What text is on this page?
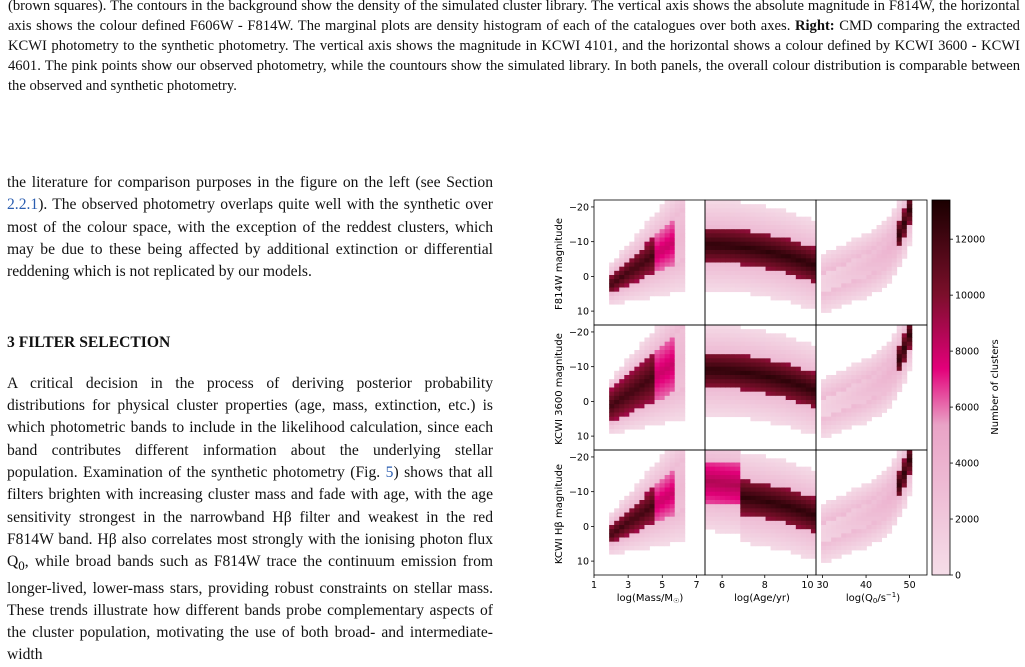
(brown squares). The contours in the background show the density of the simulated cluster library. The vertical axis shows the absolute magnitude in F814W, the horizontal axis shows the colour defined F606W - F814W. The marginal plots are density histogram of each of the catalogues over both axes. Right: CMD comparing the extracted KCWI photometry to the synthetic photometry. The vertical axis shows the magnitude in KCWI 4101, and the horizontal shows a colour defined by KCWI 3600 - KCWI 4601. The pink points show our observed photometry, while the countours show the simulated library. In both panels, the overall colour distribution is comparable between the observed and synthetic photometry.

the literature for comparison purposes in the figure on the left (see Section 2.2.1). The observed photometry overlaps quite well with the synthetic over most of the colour space, with the exception of the reddest clusters, which may be due to these being affected by additional extinction or differential reddening which is not replicated by our models.

3 FILTER SELECTION

A critical decision in the process of deriving posterior probability distributions for physical cluster properties (age, mass, extinction, etc.) is which photometric bands to include in the likelihood calculation, since each band contributes different information about the underlying stellar population. Examination of the synthetic photometry (Fig. 5) shows that all filters brighten with increasing cluster mass and fade with age, with the age sensitivity strongest in the narrowband Hβ filter and weakest in the red F814W band. Hβ also correlates most strongly with the ionising photon flux $Q_0$, while broad bands such as F814W trace the continuum emission from longer-lived, lower-mass stars, providing robust constraints on stellar mass. These trends illustrate how different bands probe complementary aspects of the cluster population, motivating the use of both broad- and intermediate-width

−20
−10
0
10
−20
−10
0
10
−20
−10
0
10
1	3	5	7 6	8	10 30	40	50
F814W magnitude
KCWI 3600 magnitude
KCWI Hβ magnitude
$\log(Mass/M_☉)$	log(Age/yr)	$\log(Q_0/s^{-1})$
0
2000
4000
6000
8000
10000
12000
Number of clusters
